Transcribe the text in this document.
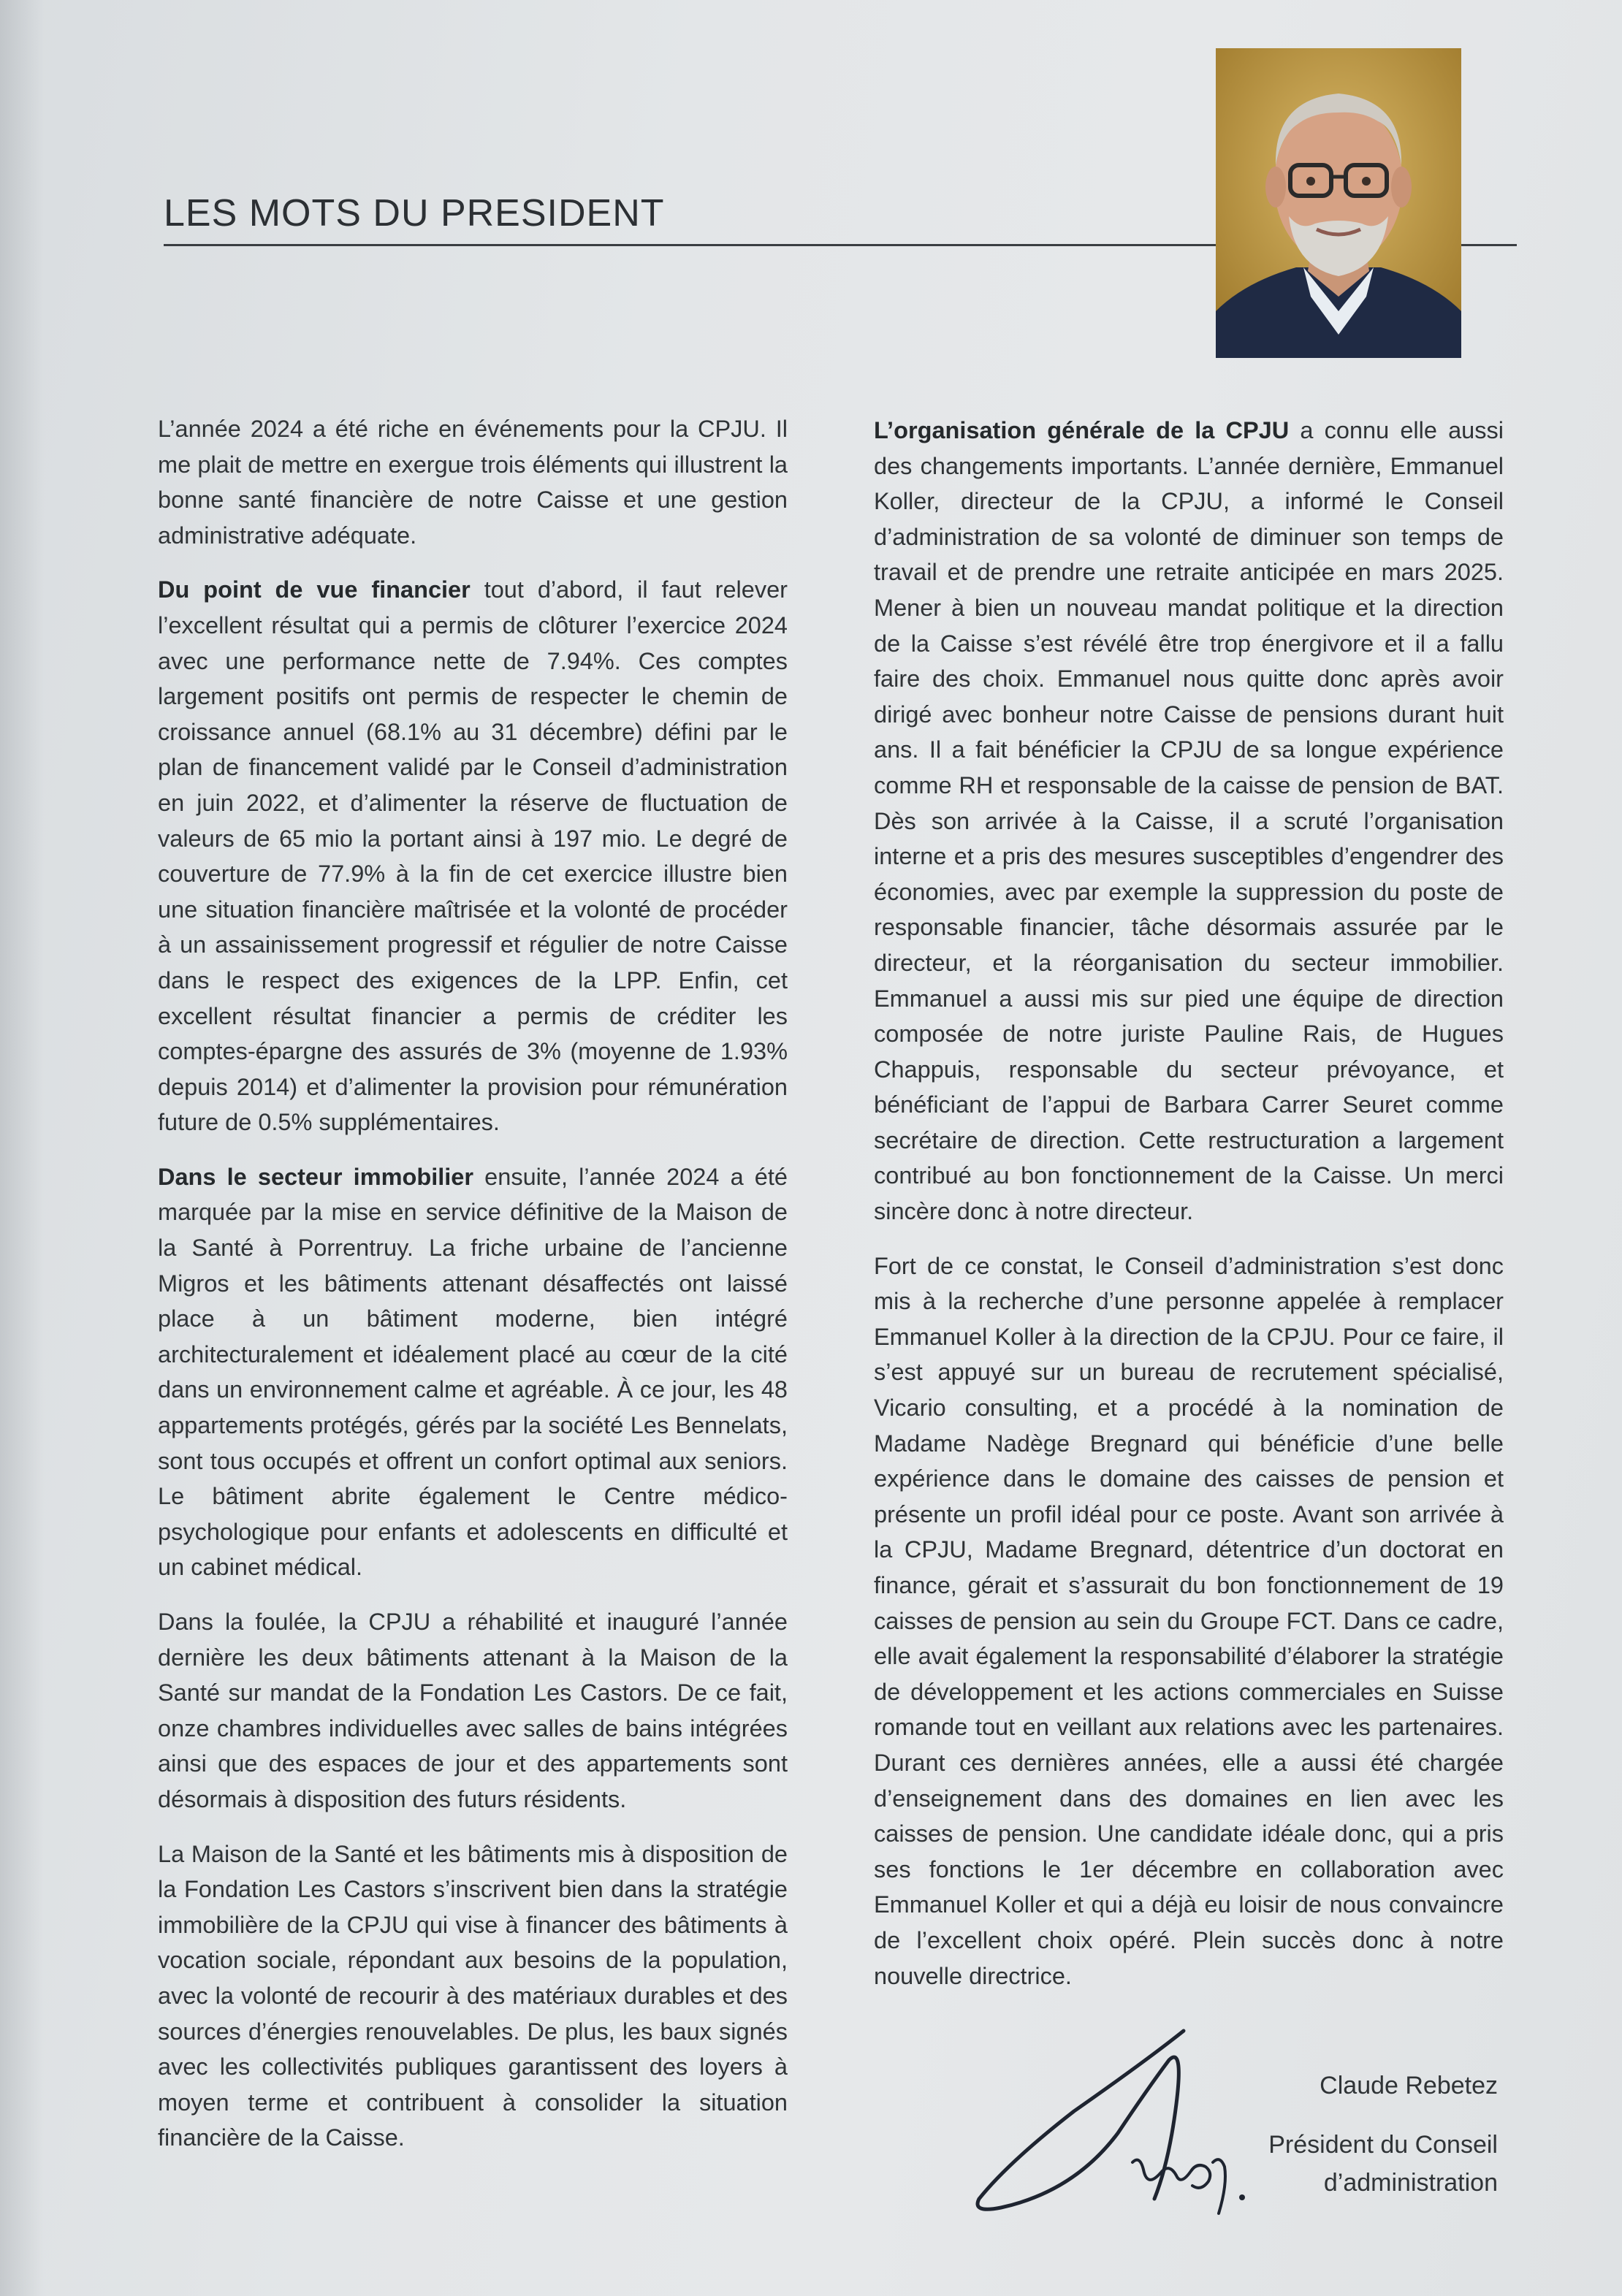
LES MOTS DU PRESIDENT

L’année 2024 a été riche en événements pour la CPJU. Il me plait de mettre en exergue trois éléments qui illustrent la bonne santé financière de notre Caisse et une gestion administrative adéquate.

Du point de vue financier tout d’abord, il faut relever l’excellent résultat qui a permis de clôturer l’exercice 2024 avec une performance nette de 7.94%. Ces comptes largement positifs ont permis de respecter le chemin de croissance annuel (68.1% au 31 décembre) défini par le plan de financement validé par le Conseil d’administration en juin 2022, et d’alimenter la réserve de fluctuation de valeurs de 65 mio la portant ainsi à 197 mio. Le degré de couverture de 77.9% à la fin de cet exercice illustre bien une situation financière maîtrisée et la volonté de procéder à un assainissement progressif et régulier de notre Caisse dans le respect des exigences de la LPP. Enfin, cet excellent résultat financier a permis de créditer les comptes-épargne des assurés de 3% (moyenne de 1.93% depuis 2014) et d’alimenter la provision pour rémunération future de 0.5% supplémentaires.

Dans le secteur immobilier ensuite, l’année 2024 a été marquée par la mise en service définitive de la Maison de la Santé à Porrentruy. La friche urbaine de l’ancienne Migros et les bâtiments attenant désaffectés ont laissé place à un bâtiment moderne, bien intégré architecturalement et idéalement placé au cœur de la cité dans un environnement calme et agréable. À ce jour, les 48 appartements protégés, gérés par la société Les Bennelats, sont tous occupés et offrent un confort optimal aux seniors. Le bâtiment abrite également le Centre médico-psychologique pour enfants et adolescents en difficulté et un cabinet médical.

Dans la foulée, la CPJU a réhabilité et inauguré l’année dernière les deux bâtiments attenant à la Maison de la Santé sur mandat de la Fondation Les Castors. De ce fait, onze chambres individuelles avec salles de bains intégrées ainsi que des espaces de jour et des appartements sont désormais à disposition des futurs résidents.

La Maison de la Santé et les bâtiments mis à disposition de la Fondation Les Castors s’inscrivent bien dans la stratégie immobilière de la CPJU qui vise à financer des bâtiments à vocation sociale, répondant aux besoins de la population, avec la volonté de recourir à des matériaux durables et des sources d’énergies renouvelables. De plus, les baux signés avec les collectivités publiques garantissent des loyers à moyen terme et contribuent à consolider la situation financière de la Caisse.

L’organisation générale de la CPJU a connu elle aussi des changements importants. L’année dernière, Emmanuel Koller, directeur de la CPJU, a informé le Conseil d’administration de sa volonté de diminuer son temps de travail et de prendre une retraite anticipée en mars 2025. Mener à bien un nouveau mandat politique et la direction de la Caisse s’est révélé être trop énergivore et il a fallu faire des choix. Emmanuel nous quitte donc après avoir dirigé avec bonheur notre Caisse de pensions durant huit ans. Il a fait bénéficier la CPJU de sa longue expérience comme RH et responsable de la caisse de pension de BAT. Dès son arrivée à la Caisse, il a scruté l’organisation interne et a pris des mesures susceptibles d’engendrer des économies, avec par exemple la suppression du poste de responsable financier, tâche désormais assurée par le directeur, et la réorganisation du secteur immobilier. Emmanuel a aussi mis sur pied une équipe de direction composée de notre juriste Pauline Rais, de Hugues Chappuis, responsable du secteur prévoyance, et bénéficiant de l’appui de Barbara Carrer Seuret comme secrétaire de direction. Cette restructuration a largement contribué au bon fonctionnement de la Caisse. Un merci sincère donc à notre directeur.

Fort de ce constat, le Conseil d’administration s’est donc mis à la recherche d’une personne appelée à remplacer Emmanuel Koller à la direction de la CPJU. Pour ce faire, il s’est appuyé sur un bureau de recrutement spécialisé, Vicario consulting, et a procédé à la nomination de Madame Nadège Bregnard qui bénéficie d’une belle expérience dans le domaine des caisses de pension et présente un profil idéal pour ce poste. Avant son arrivée à la CPJU, Madame Bregnard, détentrice d’un doctorat en finance, gérait et s’assurait du bon fonctionnement de 19 caisses de pension au sein du Groupe FCT. Dans ce cadre, elle avait également la responsabilité d’élaborer la stratégie de développement et les actions commerciales en Suisse romande tout en veillant aux relations avec les partenaires. Durant ces dernières années, elle a aussi été chargée d’enseignement dans des domaines en lien avec les caisses de pension. Une candidate idéale donc, qui a pris ses fonctions le 1er décembre en collaboration avec Emmanuel Koller et qui a déjà eu loisir de nous convaincre de l’excellent choix opéré. Plein succès donc à notre nouvelle directrice.

Claude Rebetez
Président du Conseil
d’administration
